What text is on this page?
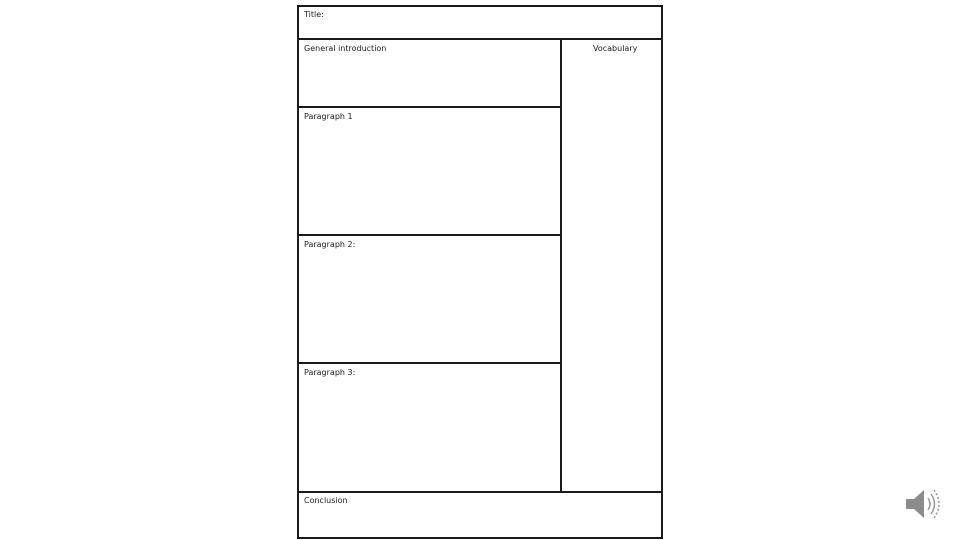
Title:
General introduction	Vocabulary
Paragraph 1
Paragraph 2:
Paragraph 3:
Conclusion
